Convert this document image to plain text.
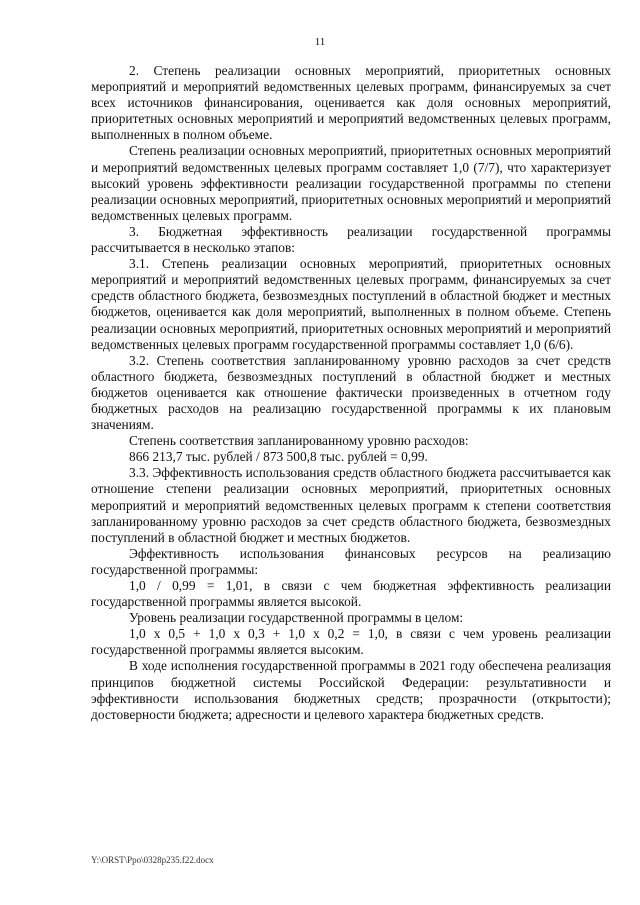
11

2. Степень реализации основных мероприятий, приоритетных основных мероприятий и мероприятий ведомственных целевых программ, финансируемых за счет всех источников финансирования, оценивается как доля основных мероприятий, приоритетных основных мероприятий и мероприятий ведомственных целевых программ, выполненных в полном объеме.

Степень реализации основных мероприятий, приоритетных основных мероприятий и мероприятий ведомственных целевых программ составляет 1,0 (7/7), что характеризует высокий уровень эффективности реализации государственной программы по степени реализации основных мероприятий, приоритетных основных мероприятий и мероприятий ведомственных целевых программ.

3. Бюджетная эффективность реализации государственной программы рассчитывается в несколько этапов:

3.1. Степень реализации основных мероприятий, приоритетных основных мероприятий и мероприятий ведомственных целевых программ, финансируемых за счет средств областного бюджета, безвозмездных поступлений в областной бюджет и местных бюджетов, оценивается как доля мероприятий, выполненных в полном объеме. Степень реализации основных мероприятий, приоритетных основных мероприятий и мероприятий ведомственных целевых программ государственной программы составляет 1,0 (6/6).

3.2. Степень соответствия запланированному уровню расходов за счет средств областного бюджета, безвозмездных поступлений в областной бюджет и местных бюджетов оценивается как отношение фактически произведенных в отчетном году бюджетных расходов на реализацию государственной программы к их плановым значениям.

Степень соответствия запланированному уровню расходов:

866 213,7 тыс. рублей / 873 500,8 тыс. рублей = 0,99.

3.3. Эффективность использования средств областного бюджета рассчитывается как отношение степени реализации основных мероприятий, приоритетных основных мероприятий и мероприятий ведомственных целевых программ к степени соответствия запланированному уровню расходов за счет средств областного бюджета, безвозмездных поступлений в областной бюджет и местных бюджетов.

Эффективность использования финансовых ресурсов на реализацию государственной программы:

1,0 / 0,99 = 1,01, в связи с чем бюджетная эффективность реализации государственной программы является высокой.

Уровень реализации государственной программы в целом:

1,0 x 0,5 + 1,0 x 0,3 + 1,0 x 0,2 = 1,0, в связи с чем уровень реализации государственной программы является высоким.

В ходе исполнения государственной программы в 2021 году обеспечена реализация принципов бюджетной системы Российской Федерации: результативности и эффективности использования бюджетных средств; прозрачности (открытости); достоверности бюджета; адресности и целевого характера бюджетных средств.

Y:\ORST\Ppo\0328p235.f22.docx
